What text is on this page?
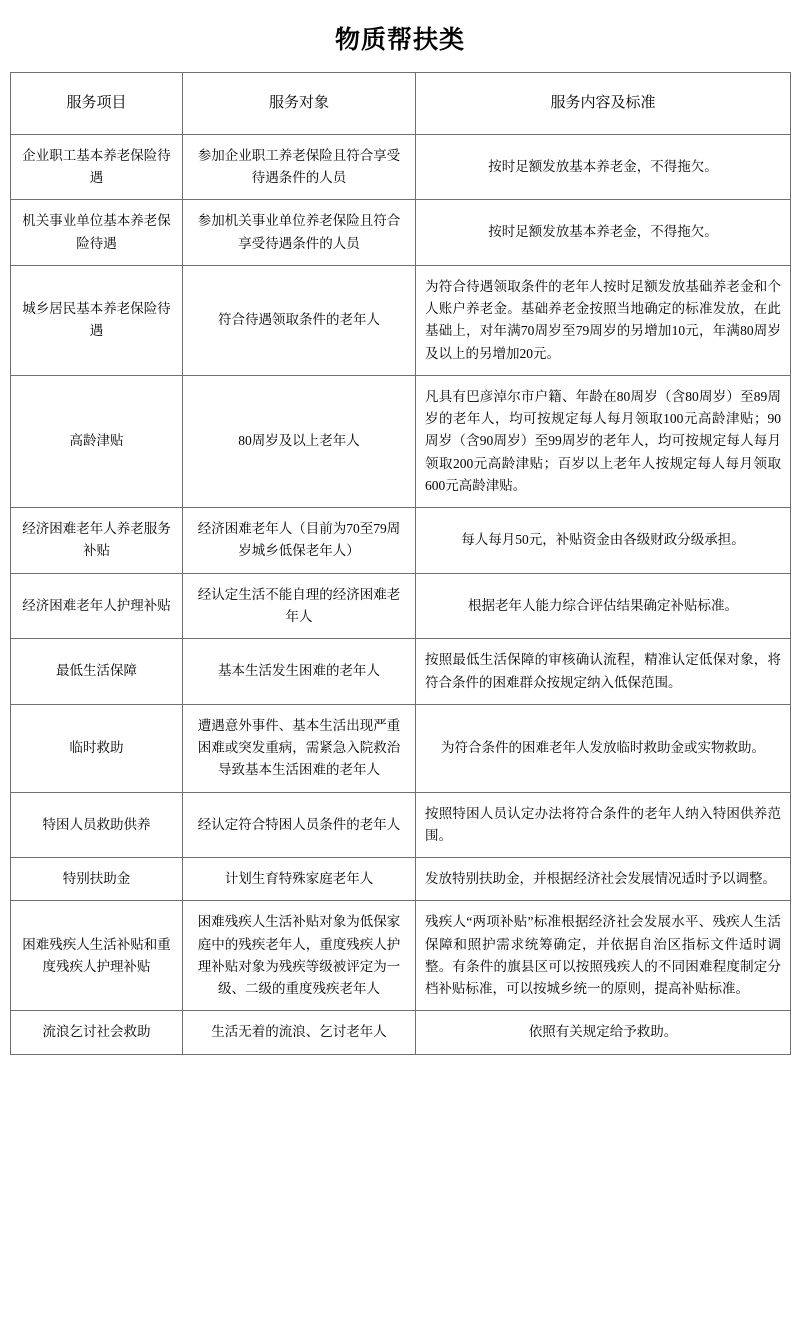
物质帮扶类
服务项目	服务对象	服务内容及标准
企业职工基本养老保险待遇	参加企业职工养老保险且符合享受待遇条件的人员	按时足额发放基本养老金，不得拖欠。
机关事业单位基本养老保险待遇	参加机关事业单位养老保险且符合享受待遇条件的人员	按时足额发放基本养老金，不得拖欠。
城乡居民基本养老保险待遇	符合待遇领取条件的老年人	为符合待遇领取条件的老年人按时足额发放基础养老金和个人账户养老金。基础养老金按照当地确定的标准发放，在此基础上，对年满70周岁至79周岁的另增加10元，年满80周岁及以上的另增加20元。
高龄津贴	80周岁及以上老年人	凡具有巴彦淖尔市户籍、年龄在80周岁（含80周岁）至89周岁的老年人，均可按规定每人每月领取100元高龄津贴；90周岁（含90周岁）至99周岁的老年人，均可按规定每人每月领取200元高龄津贴；百岁以上老年人按规定每人每月领取600元高龄津贴。
经济困难老年人养老服务补贴	经济困难老年人（目前为70至79周岁城乡低保老年人）	每人每月50元，补贴资金由各级财政分级承担。
经济困难老年人护理补贴	经认定生活不能自理的经济困难老年人	根据老年人能力综合评估结果确定补贴标准。
最低生活保障	基本生活发生困难的老年人	按照最低生活保障的审核确认流程，精准认定低保对象，将符合条件的困难群众按规定纳入低保范围。
临时救助	遭遇意外事件、基本生活出现严重困难或突发重病，需紧急入院救治导致基本生活困难的老年人	为符合条件的困难老年人发放临时救助金或实物救助。
特困人员救助供养	经认定符合特困人员条件的老年人	按照特困人员认定办法将符合条件的老年人纳入特困供养范围。
特别扶助金	计划生育特殊家庭老年人	发放特别扶助金，并根据经济社会发展情况适时予以调整。
困难残疾人生活补贴和重度残疾人护理补贴	困难残疾人生活补贴对象为低保家庭中的残疾老年人，重度残疾人护理补贴对象为残疾等级被评定为一级、二级的重度残疾老年人	残疾人“两项补贴”标准根据经济社会发展水平、残疾人生活保障和照护需求统筹确定，并依据自治区指标文件适时调整。有条件的旗县区可以按照残疾人的不同困难程度制定分档补贴标准，可以按城乡统一的原则，提高补贴标准。
流浪乞讨社会救助	生活无着的流浪、乞讨老年人	依照有关规定给予救助。
